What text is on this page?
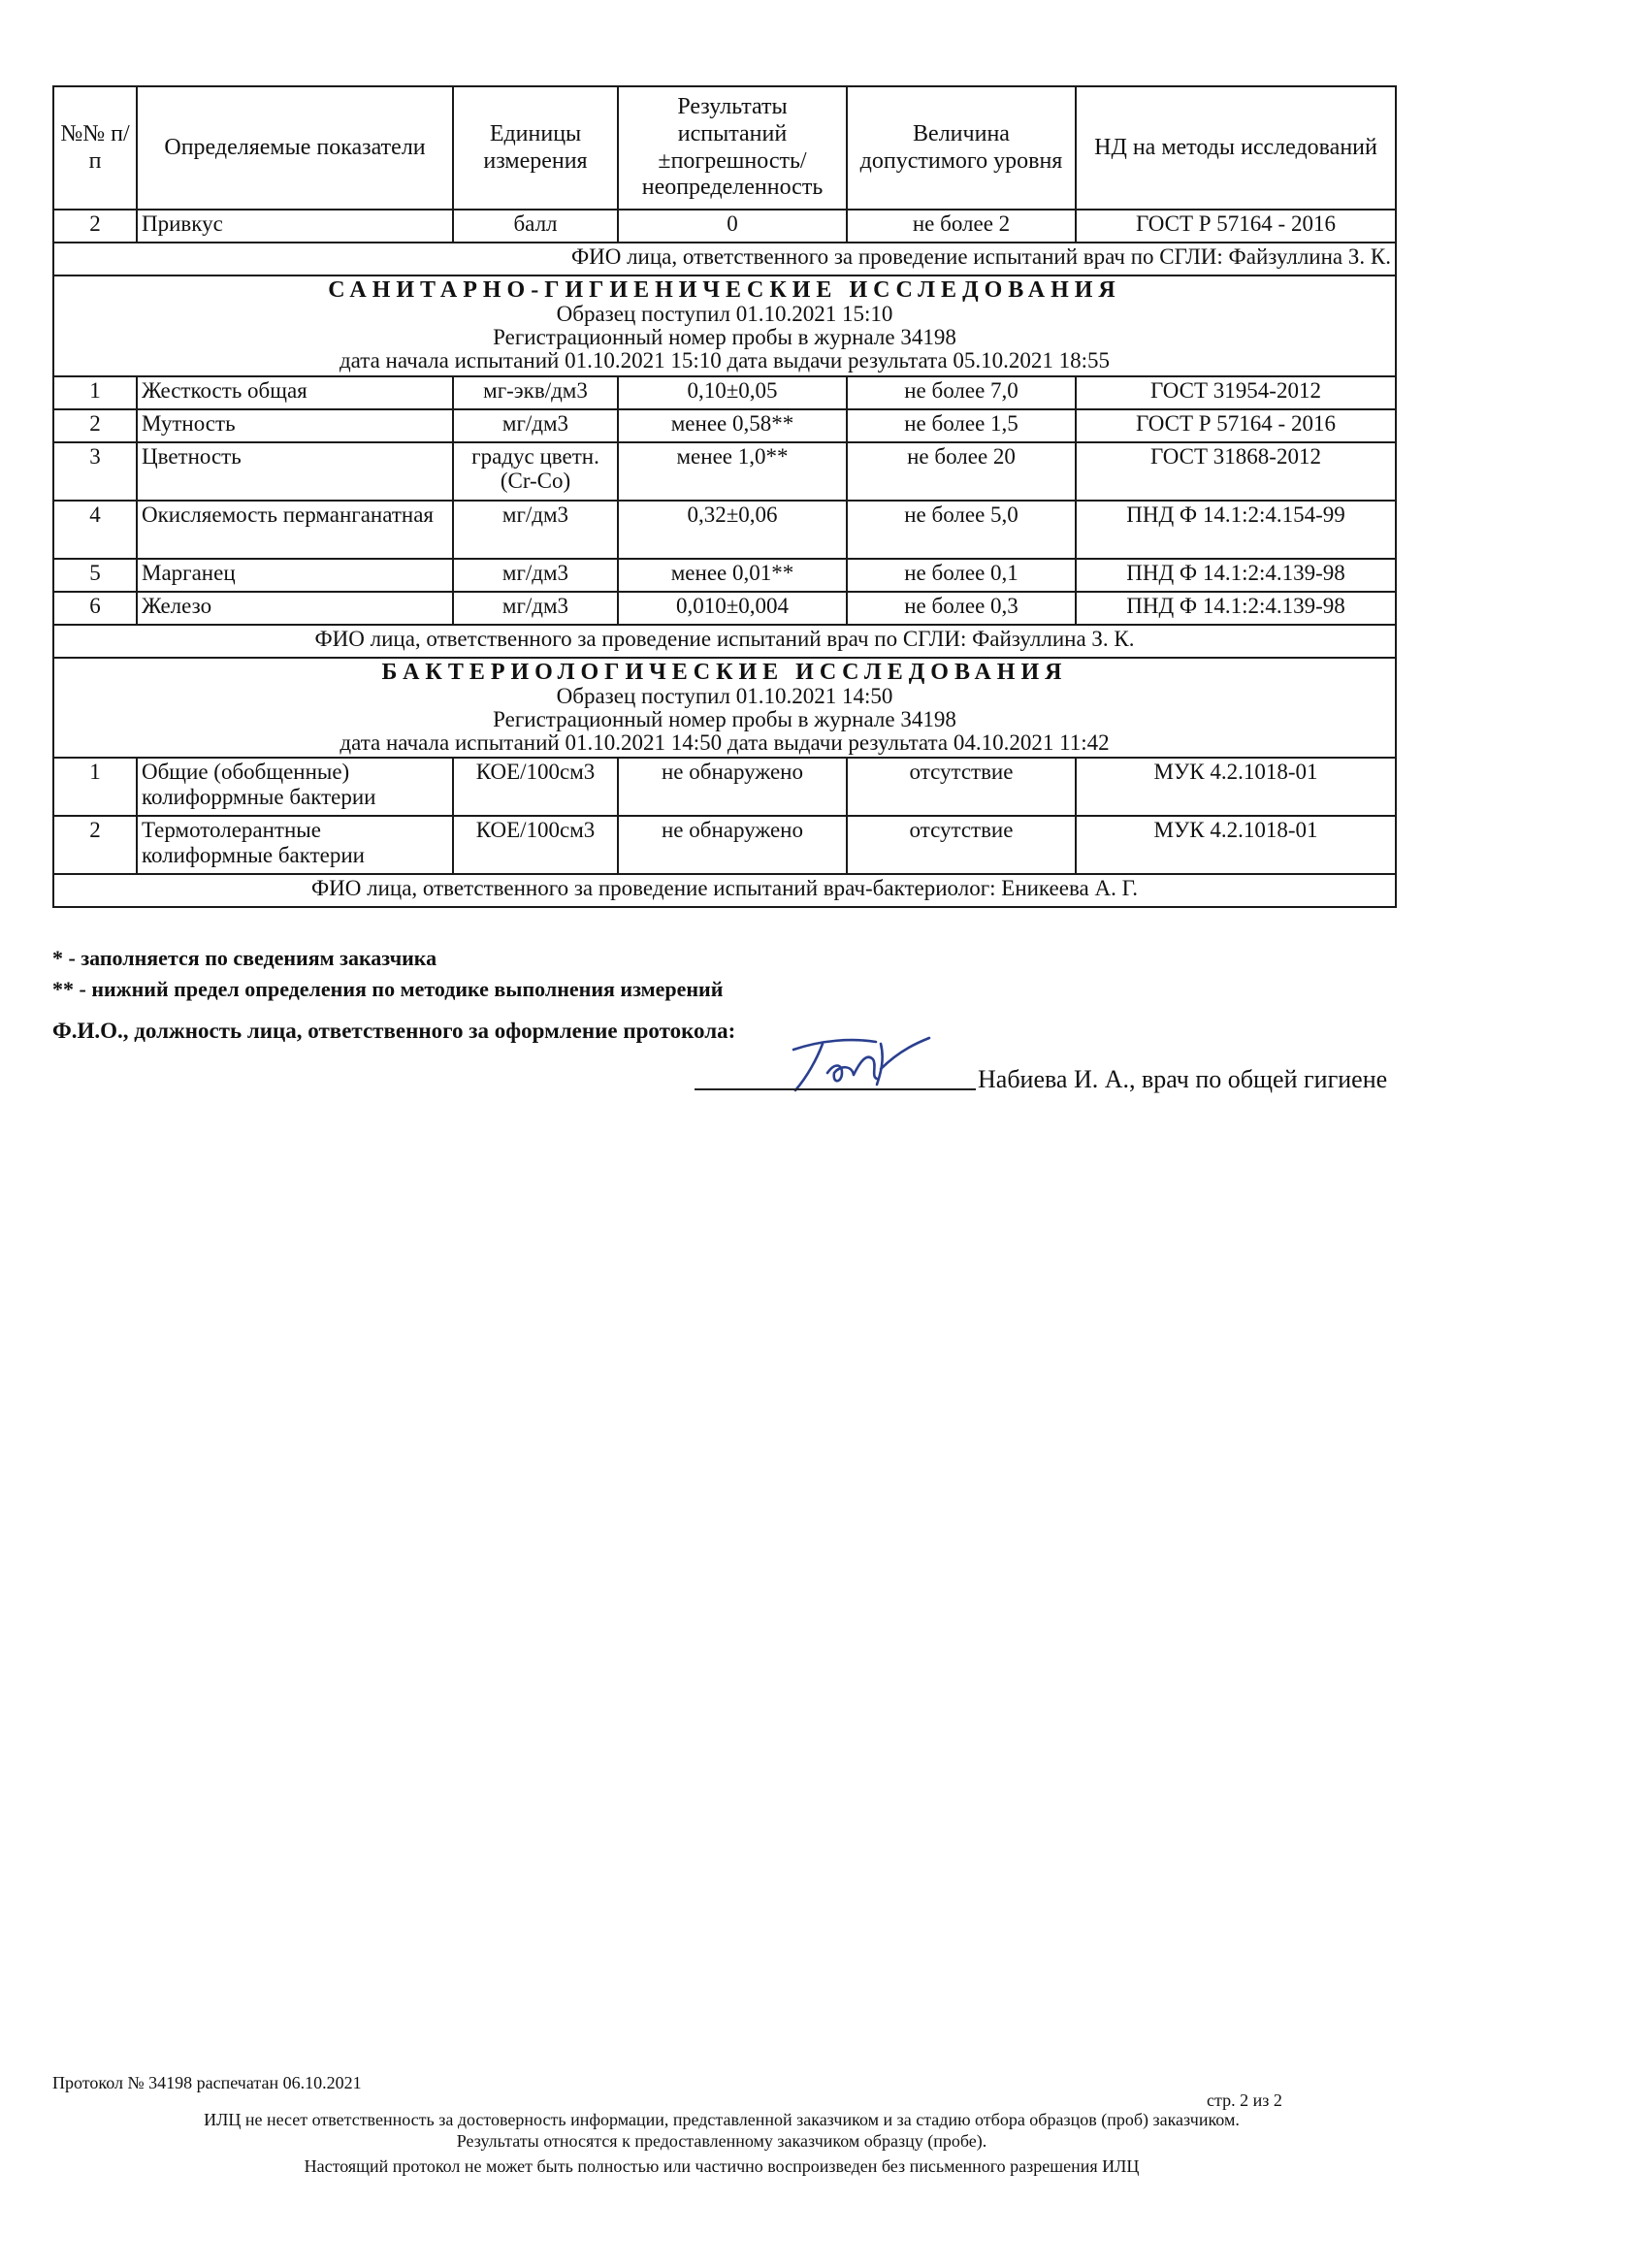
№№ п/п	Определяемые показатели	Единицы измерения	Результаты испытаний ±погрешность/ неопределенность	Величина допустимого уровня	НД на методы исследований
2	Привкус	балл	0	не более 2	ГОСТ Р 57164 - 2016
ФИО лица, ответственного за проведение испытаний врач по СГЛИ: Файзуллина З. К.					

САНИТАРНО-ГИГИЕНИЧЕСКИЕ ИССЛЕДОВАНИЯ
Образец поступил 01.10.2021 15:10
Регистрационный номер пробы в журнале 34198
дата начала испытаний 01.10.2021 15:10 дата выдачи результата 05.10.2021 18:55					

1	Жесткость общая	мг-экв/дм3	0,10±0,05	не более 7,0	ГОСТ 31954-2012
2	Мутность	мг/дм3	менее 0,58**	не более 1,5	ГОСТ Р 57164 - 2016
3	Цветность	градус цветн.(Cr-Co)	менее 1,0**	не более 20	ГОСТ 31868-2012
4	Окисляемость перманганатная	мг/дм3	0,32±0,06	не более 5,0	ПНД Ф 14.1:2:4.154-99
5	Марганец	мг/дм3	менее 0,01**	не более 0,1	ПНД Ф 14.1:2:4.139-98
6	Железо	мг/дм3	0,010±0,004	не более 0,3	ПНД Ф 14.1:2:4.139-98
ФИО лица, ответственного за проведение испытаний врач по СГЛИ: Файзуллина З. К.					

БАКТЕРИОЛОГИЧЕСКИЕ ИССЛЕДОВАНИЯ
Образец поступил 01.10.2021 14:50
Регистрационный номер пробы в журнале 34198
дата начала испытаний 01.10.2021 14:50 дата выдачи результата 04.10.2021 11:42					

1	Общие (обобщенные) колифоррмные бактерии	КОЕ/100см3	не обнаружено	отсутствие	МУК 4.2.1018-01
2	Термотолерантные колиформные бактерии	КОЕ/100см3	не обнаружено	отсутствие	МУК 4.2.1018-01
ФИО лица, ответственного за проведение испытаний врач-бактериолог: Еникеева А. Г.					
* - заполняется по сведениям заказчика
** - нижний предел определения по методике выполнения измерений
Ф.И.О., должность лица, ответственного за оформление протокола:
Набиева И. А., врач по общей гигиене
Протокол № 34198 распечатан 06.10.2021
стр. 2 из 2
ИЛЦ не несет ответственность за достоверность информации, представленной заказчиком и за стадию отбора образцов (проб) заказчиком.
Результаты относятся к предоставленному заказчиком образцу (пробе).
Настоящий протокол не может быть полностью или частично воспроизведен без письменного разрешения ИЛЦ
